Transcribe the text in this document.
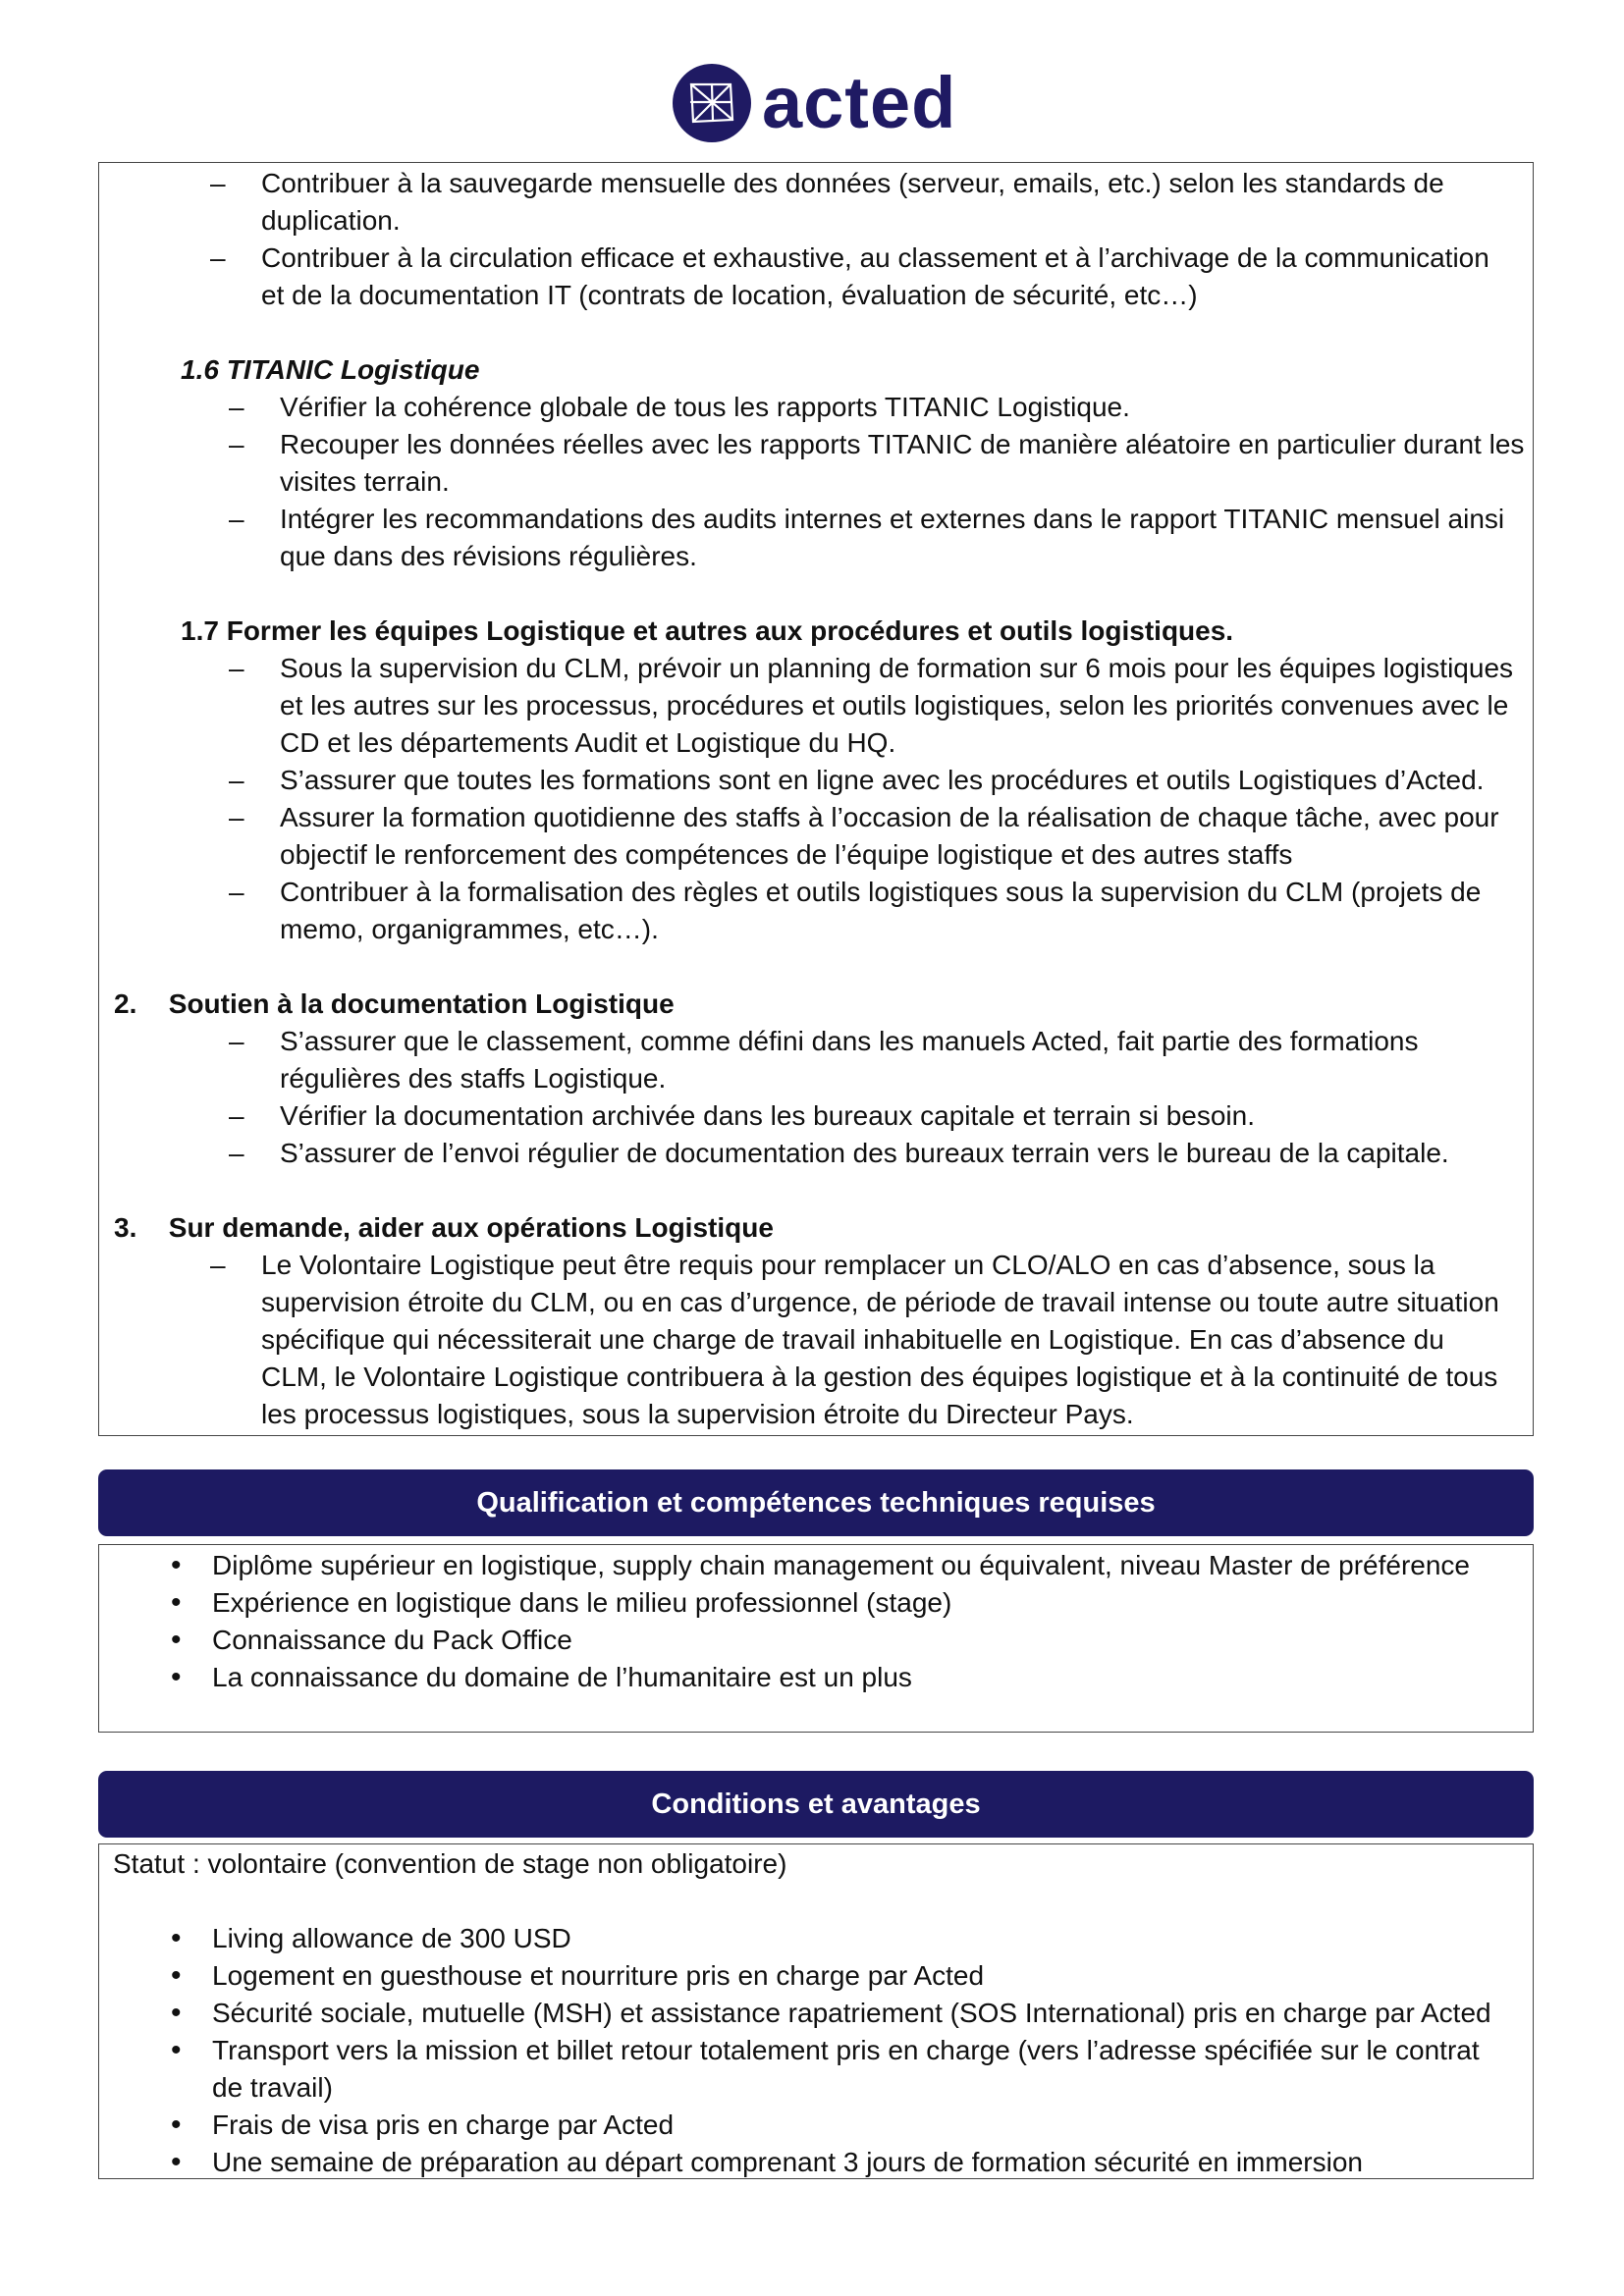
acted
– Contribuer à la sauvegarde mensuelle des données (serveur, emails, etc.) selon les standards de
duplication.
– Contribuer à la circulation efficace et exhaustive, au classement et à l’archivage de la communication
et de la documentation IT (contrats de location, évaluation de sécurité, etc…)
1.6 TITANIC Logistique
– Vérifier la cohérence globale de tous les rapports TITANIC Logistique.
– Recouper les données réelles avec les rapports TITANIC de manière aléatoire en particulier durant les
visites terrain.
– Intégrer les recommandations des audits internes et externes dans le rapport TITANIC mensuel ainsi
que dans des révisions régulières.
1.7 Former les équipes Logistique et autres aux procédures et outils logistiques.
– Sous la supervision du CLM, prévoir un planning de formation sur 6 mois pour les équipes logistiques
et les autres sur les processus, procédures et outils logistiques, selon les priorités convenues avec le
CD et les départements Audit et Logistique du HQ.
– S’assurer que toutes les formations sont en ligne avec les procédures et outils Logistiques d’Acted.
– Assurer la formation quotidienne des staffs à l’occasion de la réalisation de chaque tâche, avec pour
objectif le renforcement des compétences de l’équipe logistique et des autres staffs
– Contribuer à la formalisation des règles et outils logistiques sous la supervision du CLM (projets de
memo, organigrammes, etc…).
2. Soutien à la documentation Logistique
– S’assurer que le classement, comme défini dans les manuels Acted, fait partie des formations
régulières des staffs Logistique.
– Vérifier la documentation archivée dans les bureaux capitale et terrain si besoin.
– S’assurer de l’envoi régulier de documentation des bureaux terrain vers le bureau de la capitale.
3. Sur demande, aider aux opérations Logistique
– Le Volontaire Logistique peut être requis pour remplacer un CLO/ALO en cas d’absence, sous la
supervision étroite du CLM, ou en cas d’urgence, de période de travail intense ou toute autre situation
spécifique qui nécessiterait une charge de travail inhabituelle en Logistique. En cas d’absence du
CLM, le Volontaire Logistique contribuera à la gestion des équipes logistique et à la continuité de tous
les processus logistiques, sous la supervision étroite du Directeur Pays.
Qualification et compétences techniques requises
• Diplôme supérieur en logistique, supply chain management ou équivalent, niveau Master de préférence
• Expérience en logistique dans le milieu professionnel (stage)
• Connaissance du Pack Office
• La connaissance du domaine de l’humanitaire est un plus
Conditions et avantages
Statut : volontaire (convention de stage non obligatoire)
• Living allowance de 300 USD
• Logement en guesthouse et nourriture pris en charge par Acted
• Sécurité sociale, mutuelle (MSH) et assistance rapatriement (SOS International) pris en charge par Acted
• Transport vers la mission et billet retour totalement pris en charge (vers l’adresse spécifiée sur le contrat
de travail)
• Frais de visa pris en charge par Acted
• Une semaine de préparation au départ comprenant 3 jours de formation sécurité en immersion
